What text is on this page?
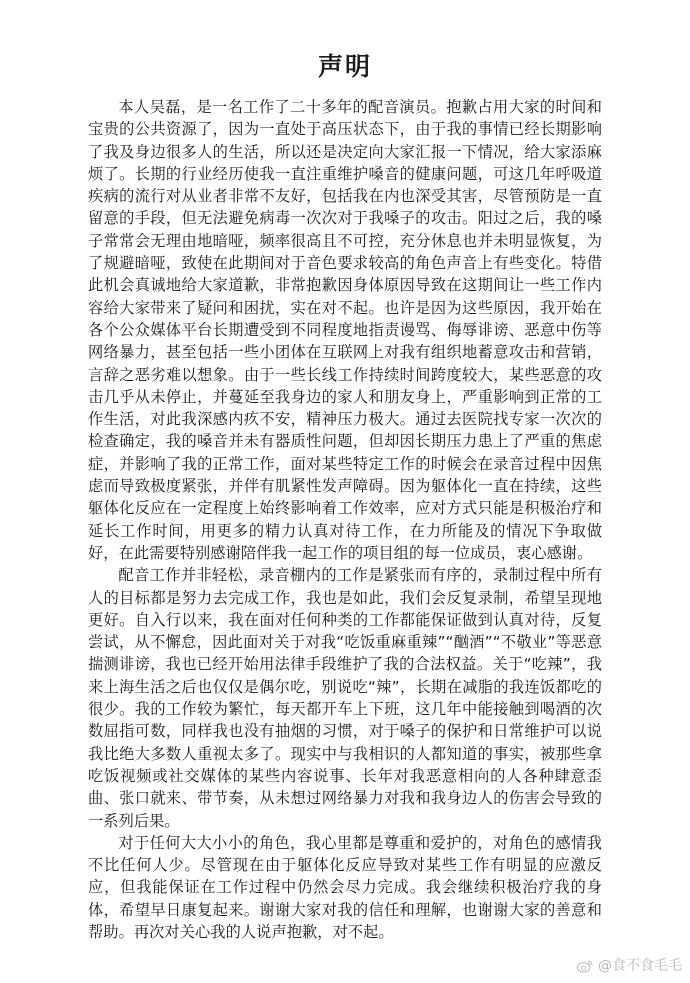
声明

本人吴磊，是一名工作了二十多年的配音演员。抱歉占用大家的时间和宝贵的公共资源了，因为一直处于高压状态下，由于我的事情已经长期影响了我及身边很多人的生活，所以还是决定向大家汇报一下情况，给大家添麻烦了。长期的行业经历使我一直注重维护嗓音的健康问题，可这几年呼吸道疾病的流行对从业者非常不友好，包括我在内也深受其害，尽管预防是一直留意的手段，但无法避免病毒一次次对于我嗓子的攻击。阳过之后，我的嗓子常常会无理由地暗哑，频率很高且不可控，充分休息也并未明显恢复，为了规避暗哑，致使在此期间对于音色要求较高的角色声音上有些变化。特借此机会真诚地给大家道歉，非常抱歉因身体原因导致在这期间让一些工作内容给大家带来了疑问和困扰，实在对不起。也许是因为这些原因，我开始在各个公众媒体平台长期遭受到不同程度地指责谩骂、侮辱诽谤、恶意中伤等网络暴力，甚至包括一些小团体在互联网上对我有组织地蓄意攻击和营销，言辞之恶劣难以想象。由于一些长线工作持续时间跨度较大，某些恶意的攻击几乎从未停止，并蔓延至我身边的家人和朋友身上，严重影响到正常的工作生活，对此我深感内疚不安，精神压力极大。通过去医院找专家一次次的检查确定，我的嗓音并未有器质性问题，但却因长期压力患上了严重的焦虑症，并影响了我的正常工作，面对某些特定工作的时候会在录音过程中因焦虑而导致极度紧张，并伴有肌紧性发声障碍。因为躯体化一直在持续，这些躯体化反应在一定程度上始终影响着工作效率，应对方式只能是积极治疗和延长工作时间，用更多的精力认真对待工作，在力所能及的情况下争取做好，在此需要特别感谢陪伴我一起工作的项目组的每一位成员，衷心感谢。

配音工作并非轻松，录音棚内的工作是紧张而有序的，录制过程中所有人的目标都是努力去完成工作，我也是如此，我们会反复录制，希望呈现地更好。自入行以来，我在面对任何种类的工作都能保证做到认真对待，反复尝试，从不懈怠，因此面对关于对我“吃饭重麻重辣”“酗酒”“不敬业”等恶意揣测诽谤，我也已经开始用法律手段维护了我的合法权益。关于“吃辣”，我来上海生活之后也仅仅是偶尔吃，别说吃“辣”，长期在减脂的我连饭都吃的很少。我的工作较为繁忙，每天都开车上下班，这几年中能接触到喝酒的次数屈指可数，同样我也没有抽烟的习惯，对于嗓子的保护和日常维护可以说我比绝大多数人重视太多了。现实中与我相识的人都知道的事实，被那些拿吃饭视频或社交媒体的某些内容说事、长年对我恶意相向的人各种肆意歪曲、张口就来、带节奏，从未想过网络暴力对我和我身边人的伤害会导致的一系列后果。

对于任何大大小小的角色，我心里都是尊重和爱护的，对角色的感情我不比任何人少。尽管现在由于躯体化反应导致对某些工作有明显的应激反应，但我能保证在工作过程中仍然会尽力完成。我会继续积极治疗我的身体，希望早日康复起来。谢谢大家对我的信任和理解，也谢谢大家的善意和帮助。再次对关心我的人说声抱歉，对不起。

@食不食毛毛
